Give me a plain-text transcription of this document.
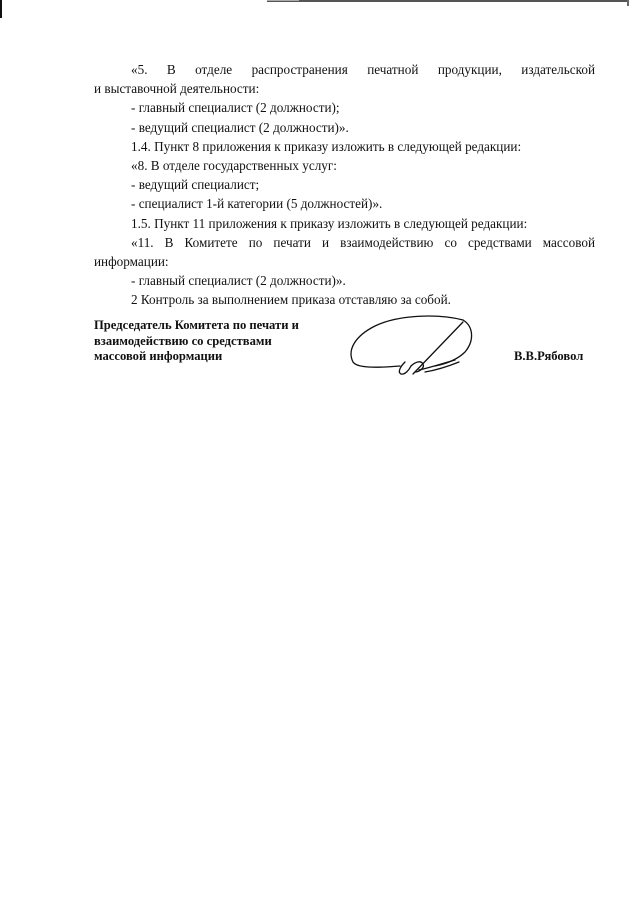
«5. В отделе распространения печатной продукции, издательской

и выставочной деятельности:

- главный специалист (2 должности);

- ведущий специалист (2 должности)».

1.4. Пункт 8 приложения к приказу изложить в следующей редакции:

«8. В отделе государственных услуг:

- ведущий специалист;

- специалист 1-й категории (5 должностей)».

1.5. Пункт 11 приложения к приказу изложить в следующей редакции:

«11. В Комитете по печати и взаимодействию со средствами массовой

информации:

- главный специалист (2 должности)».

2 Контроль за выполнением приказа отставляю за собой.

Председатель Комитета по печати и
взаимодействию со средствами
массовой информации	В.В.Рябовол
